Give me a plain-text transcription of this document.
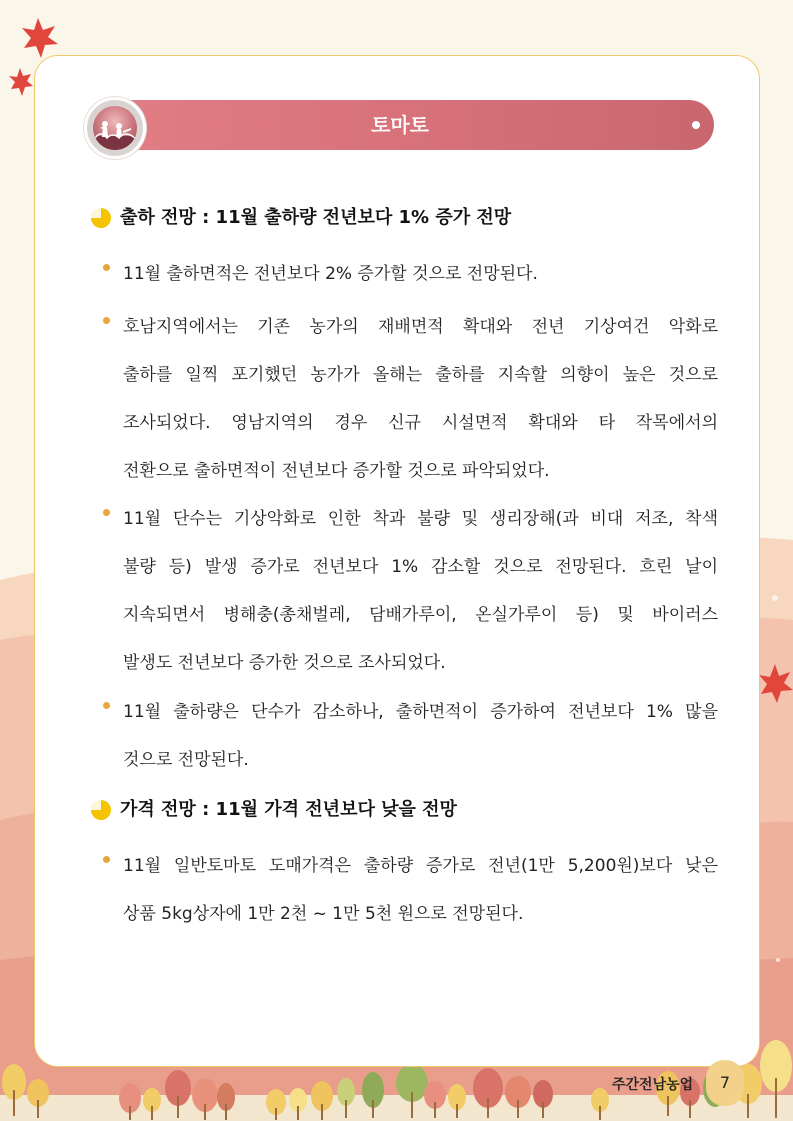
토마토
출하 전망 : 11월 출하량 전년보다 1% 증가 전망
11월 출하면적은 전년보다 2% 증가할 것으로 전망된다.
호남지역에서는 기존 농가의 재배면적 확대와 전년 기상여건 악화로
출하를 일찍 포기했던 농가가 올해는 출하를 지속할 의향이 높은 것으로
조사되었다. 영남지역의 경우 신규 시설면적 확대와 타 작목에서의
전환으로 출하면적이 전년보다 증가할 것으로 파악되었다.
11월 단수는 기상악화로 인한 착과 불량 및 생리장해(과 비대 저조, 착색
불량 등) 발생 증가로 전년보다 1% 감소할 것으로 전망된다. 흐린 날이
지속되면서 병해충(총채벌레, 담배가루이, 온실가루이 등) 및 바이러스
발생도 전년보다 증가한 것으로 조사되었다.
11월 출하량은 단수가 감소하나, 출하면적이 증가하여 전년보다 1% 많을
것으로 전망된다.
가격 전망 : 11월 가격 전년보다 낮을 전망
11월 일반토마토 도매가격은 출하량 증가로 전년(1만 5,200원)보다 낮은
상품 5kg상자에 1만 2천 ~ 1만 5천 원으로 전망된다.
주간전남농업	7
